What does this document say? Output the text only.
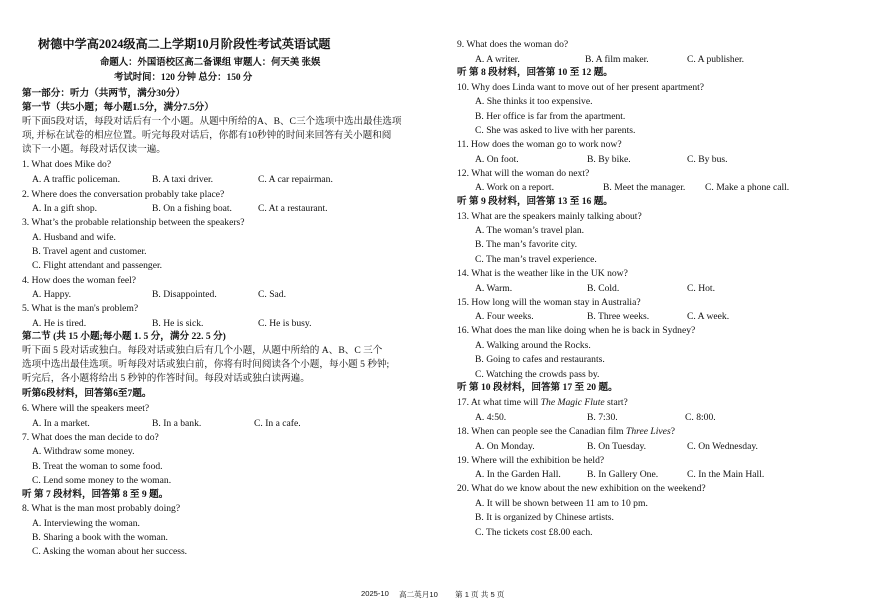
树德中学高2024级高二上学期10月阶段性考试英语试题
命题人：外国语校区高二备课组 审题人：何天美 张娱
考试时间：120 分钟 总分：150 分
第一部分：听力（共两节，满分30分）
第一节（共5小题；每小题1.5分，满分7.5分）
听下面5段对话，每段对话后有一个小题。从题中所给的A、B、C三个选项中选出最佳选项
项, 并标在试卷的相应位置。听完每段对话后，你都有10秒钟的时间来回答有关小题和阅
读下一小题。每段对话仅读一遍。
1. What does Mike do?
A. A traffic policeman.	B. A taxi driver.	C. A car repairman.
2. Where does the conversation probably take place?
A. In a gift shop.	B. On a fishing boat.	C. At a restaurant.
3. What’s the probable relationship between the speakers?
A. Husband and wife.
B. Travel agent and customer.
C. Flight attendant and passenger.
4. How does the woman feel?
A. Happy.	B. Disappointed.	C. Sad.
5. What is the man's problem?
A. He is tired.	B. He is sick.	C. He is busy.
第二节 (共 15 小题;每小题 1. 5 分，满分 22. 5 分)
听下面 5 段对话或独白。每段对话或独白后有几个小题，从题中所给的 A、B、C 三个
选项中选出最佳选项。听每段对话或独白前，你将有时间阅读各个小题，每小题 5 秒钟;
听完后，各小题将给出 5 秒钟的作答时间。每段对话或独白读两遍。
听第6段材料，回答第6至7题。
6. Where will the speakers meet?
A. In a market.	B. In a bank.	C. In a cafe.
7. What does the man decide to do?
A. Withdraw some money.
B. Treat the woman to some food.
C. Lend some money to the woman.
听 第 7 段材料，回答第 8 至 9 题。
8. What is the man most probably doing?
A. Interviewing the woman.
B. Sharing a book with the woman.
C. Asking the woman about her success.
9. What does the woman do?
A. A writer.	B. A film maker.	C. A publisher.
听 第 8 段材料，回答第 10 至 12 题。
10. Why does Linda want to move out of her present apartment?
A. She thinks it too expensive.
B. Her office is far from the apartment.
C. She was asked to live with her parents.
11. How does the woman go to work now?
A. On foot.	B. By bike.	C. By bus.
12. What will the woman do next?
A. Work on a report.	B. Meet the manager. C. Make a phone call.
听 第 9 段材料，回答第 13 至 16 题。
13. What are the speakers mainly talking about?
A. The woman’s travel plan.
B. The man’s favorite city.
C. The man’s travel experience.
14. What is the weather like in the UK now?
A. Warm.	B. Cold.	C. Hot.
15. How long will the woman stay in Australia?
A. Four weeks.	B. Three weeks.	C. A week.
16. What does the man like doing when he is back in Sydney?
A. Walking around the Rocks.
B. Going to cafes and restaurants.
C. Watching the crowds pass by.
听 第 10 段材料，回答第 17 至 20 题。
17. At what time will The Magic Flute start?
A. 4:50.	B. 7:30.	C. 8:00.
18. When can people see the Canadian film Three Lives?
A. On Monday.	B. On Tuesday.	C. On Wednesday.
19. Where will the exhibition be held?
A. In the Garden Hall.	B. In Gallery One.	C. In the Main Hall.
20. What do we know about the new exhibition on the weekend?
A. It will be shown between 11 am to 10 pm.
B. It is organized by Chinese artists.
C. The tickets cost £8.00 each.
2025-10 高二英月10 第 1 页 共 5 页
